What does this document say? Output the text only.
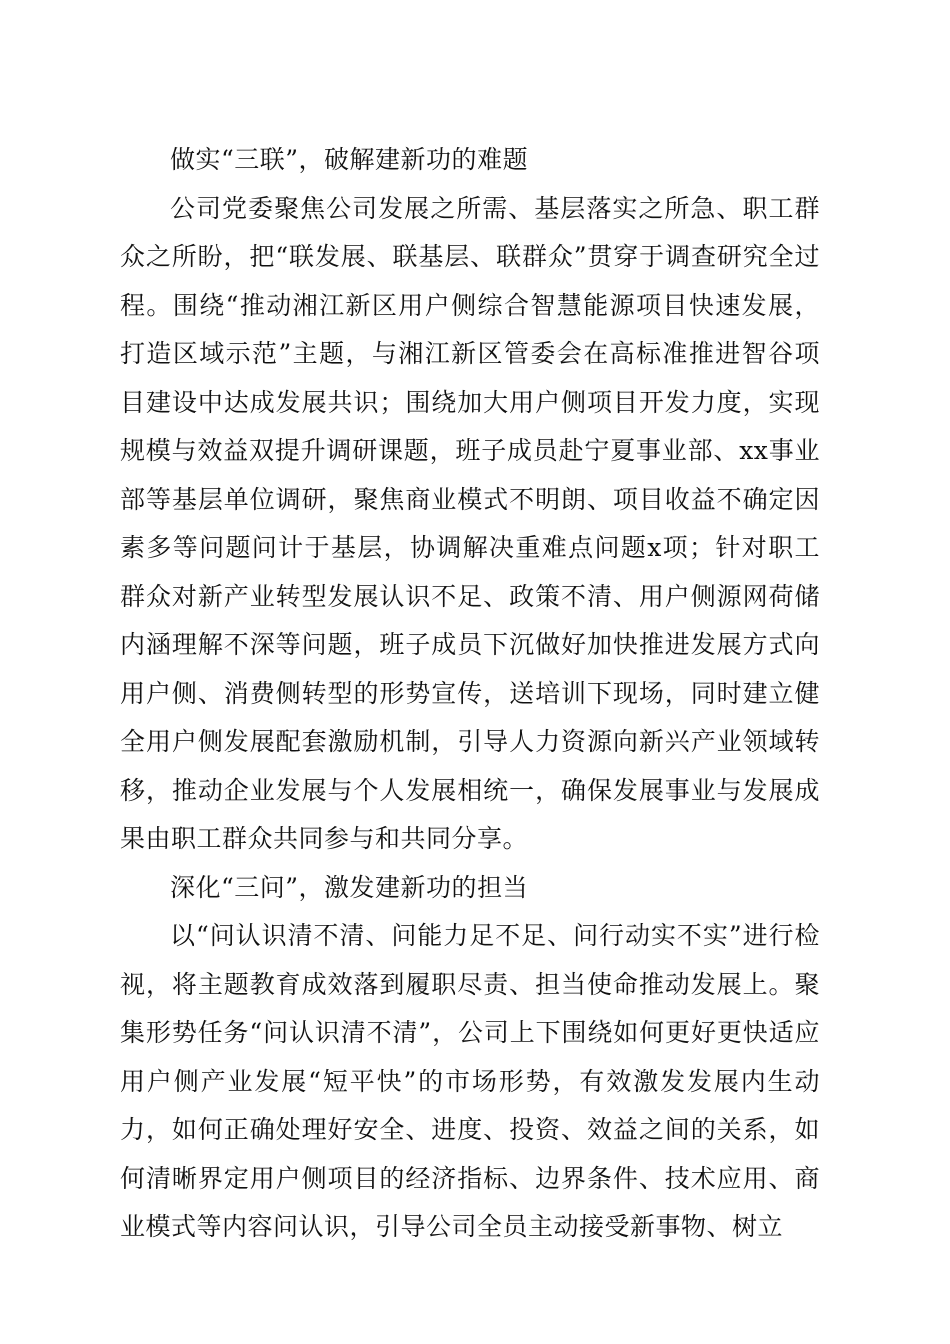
做实“三联”，破解建新功的难题

公司党委聚焦公司发展之所需、基层落实之所急、职工群众之所盼，把“联发展、联基层、联群众”贯穿于调查研究全过程。围绕“推动湘江新区用户侧综合智慧能源项目快速发展，打造区域示范”主题，与湘江新区管委会在高标准推进智谷项目建设中达成发展共识；围绕加大用户侧项目开发力度，实现规模与效益双提升调研课题，班子成员赴宁夏事业部、xx事业部等基层单位调研，聚焦商业模式不明朗、项目收益不确定因素多等问题问计于基层，协调解决重难点问题x项；针对职工群众对新产业转型发展认识不足、政策不清、用户侧源网荷储内涵理解不深等问题，班子成员下沉做好加快推进发展方式向用户侧、消费侧转型的形势宣传，送培训下现场，同时建立健全用户侧发展配套激励机制，引导人力资源向新兴产业领域转移，推动企业发展与个人发展相统一，确保发展事业与发展成果由职工群众共同参与和共同分享。

深化“三问”，激发建新功的担当

以“问认识清不清、问能力足不足、问行动实不实”进行检视，将主题教育成效落到履职尽责、担当使命推动发展上。聚集形势任务“问认识清不清”，公司上下围绕如何更好更快适应用户侧产业发展“短平快”的市场形势，有效激发发展内生动力，如何正确处理好安全、进度、投资、效益之间的关系，如何清晰界定用户侧项目的经济指标、边界条件、技术应用、商业模式等内容问认识，引导公司全员主动接受新事物、树立
